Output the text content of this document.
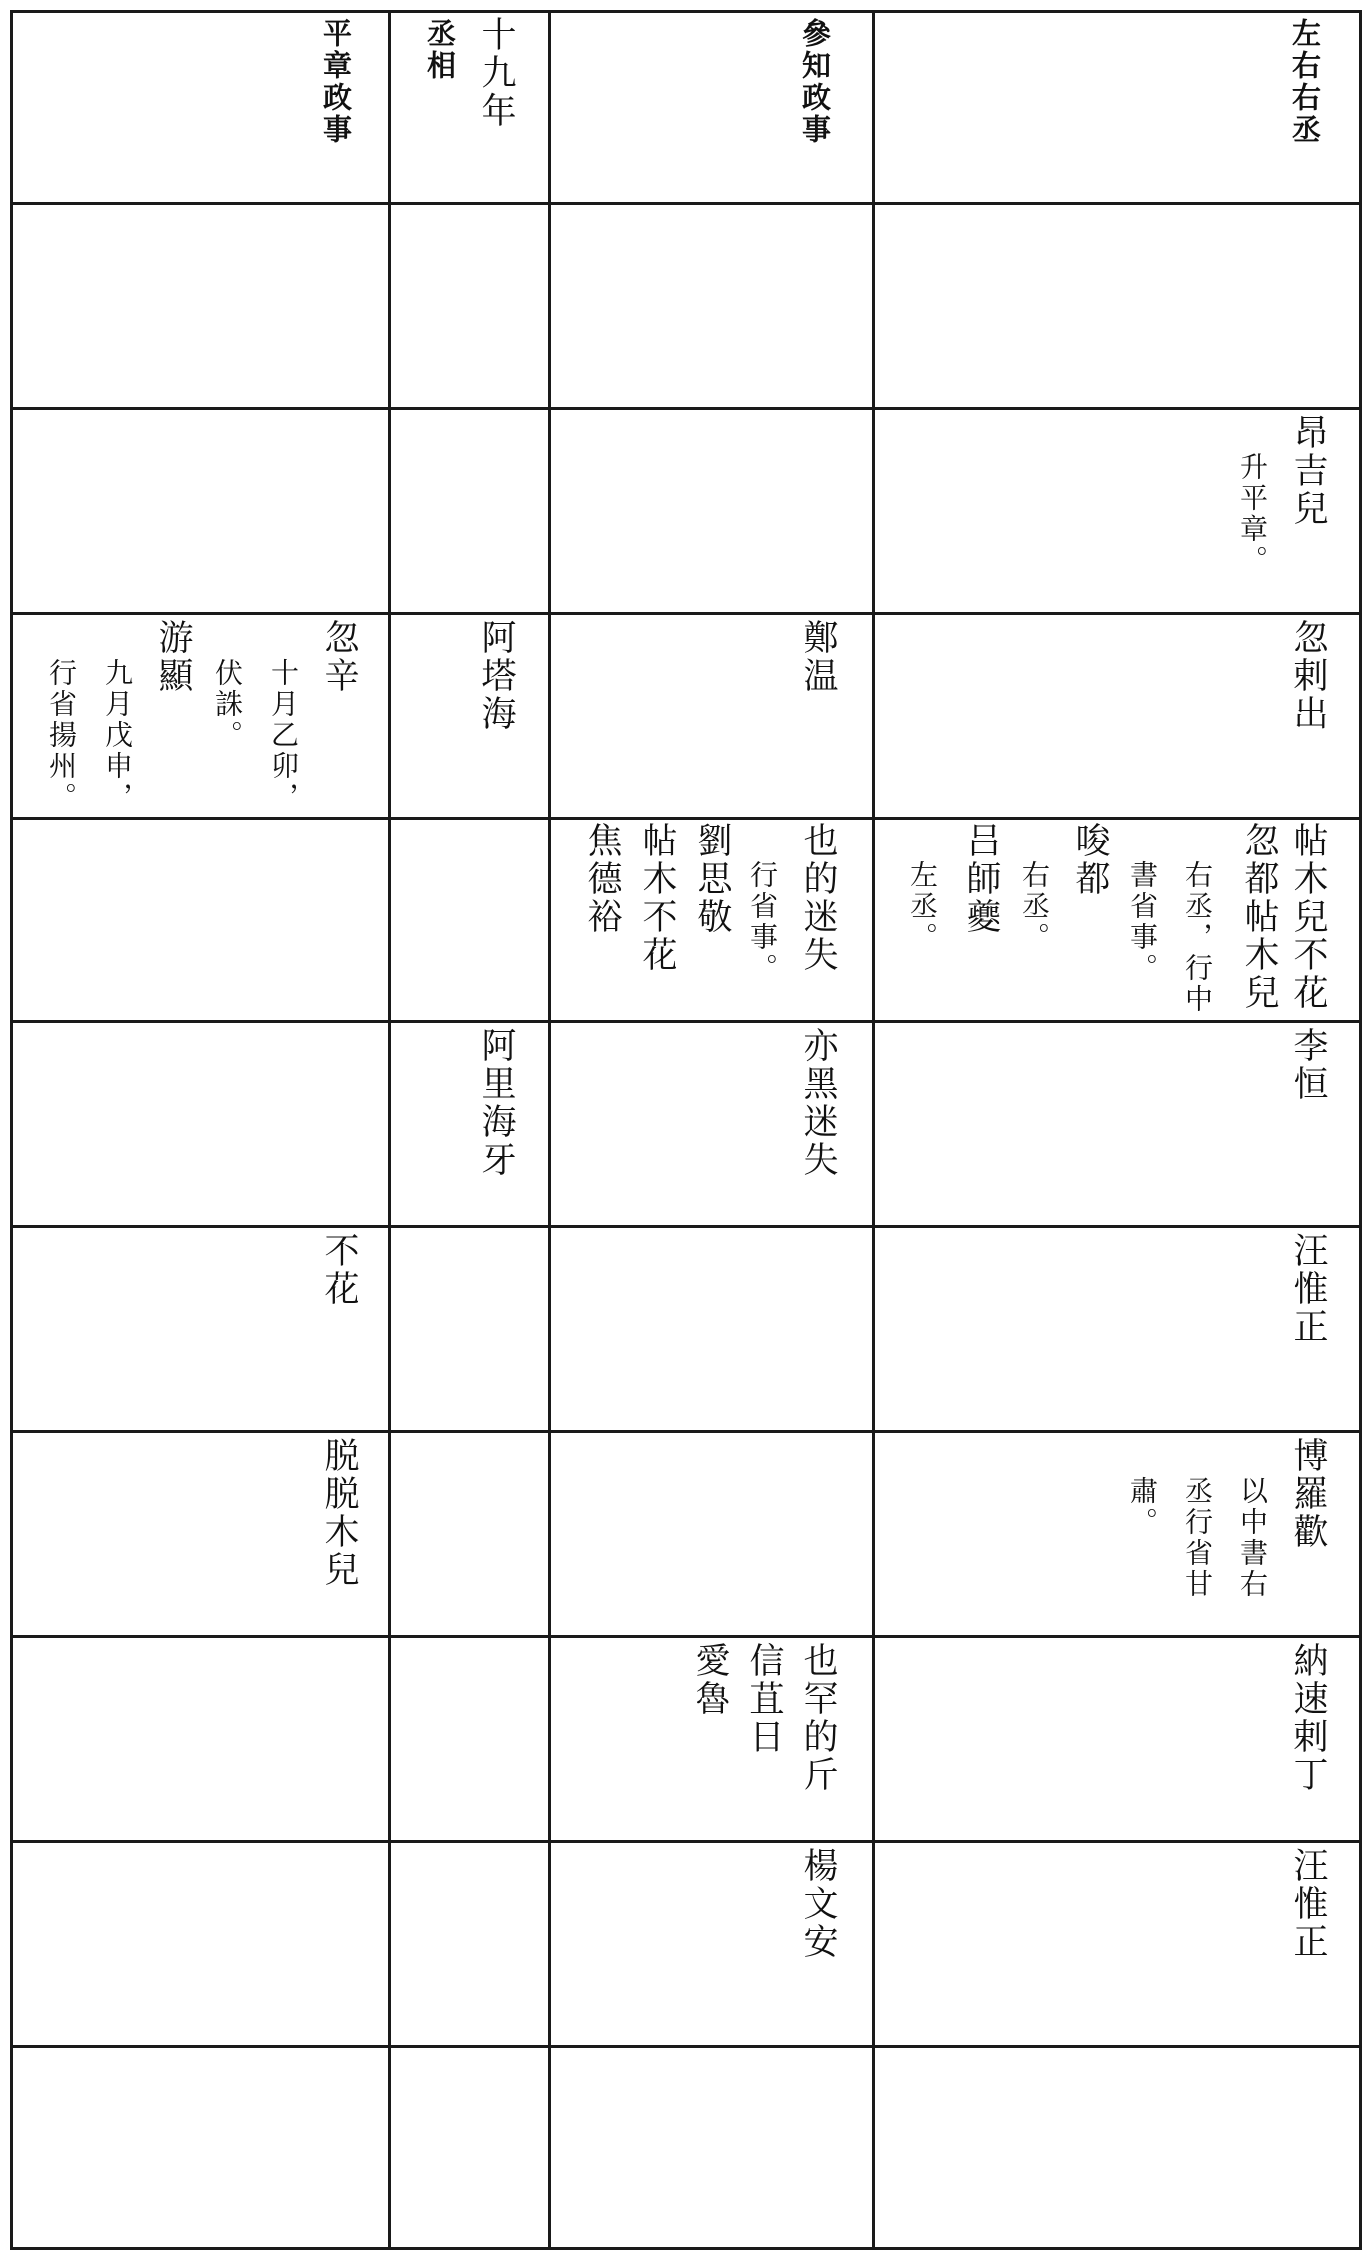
左右右丞
參知政事
十九年
丞相
平章政事
昂吉兒
升平章。
忽剌出
鄭温
阿塔海
忽辛
十月乙卯，
伏誅。
游顯
九月戊申，
行省揚州。
帖木兒不花
忽都帖木兒
右丞，行中
書省事。
唆都
右丞。
吕師夔
左丞。
也的迷失
行省事。
劉思敬
帖木不花
焦德裕
李恒
亦黑迷失
阿里海牙
汪惟正
不花
博羅歡
以中書右
丞行省甘
肅。
脱脱木兒
納速剌丁
也罕的斤
信苴日
愛魯
汪惟正
楊文安
